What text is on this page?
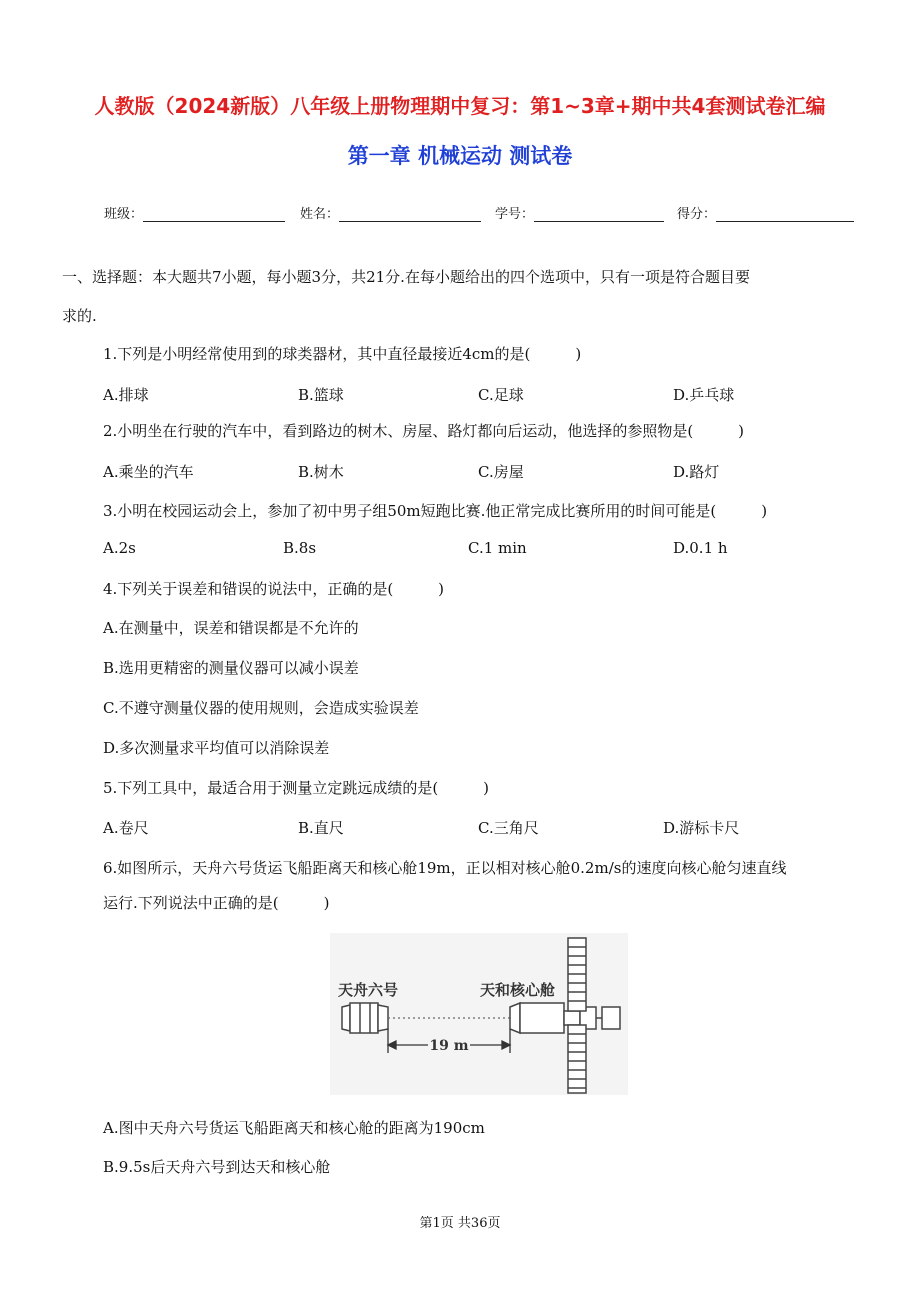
人教版（2024新版）八年级上册物理期中复习：第1~3章+期中共4套测试卷汇编
第一章 机械运动 测试卷
班级：	姓名：	学号：	得分：
一、选择题：本大题共7小题，每小题3分，共21分.在每小题给出的四个选项中，只有一项是符合题目要
求的.
1.下列是小明经常使用到的球类器材，其中直径最接近4cm的是(　　　)
A.排球	B.篮球	C.足球	D.乒乓球
2.小明坐在行驶的汽车中，看到路边的树木、房屋、路灯都向后运动，他选择的参照物是(　　　)
A.乘坐的汽车	B.树木	C.房屋	D.路灯
3.小明在校园运动会上，参加了初中男子组50m短跑比赛.他正常完成比赛所用的时间可能是(　　　)
A.2s	B.8s	C.1 min	D.0.1 h
4.下列关于误差和错误的说法中，正确的是(　　　)
A.在测量中，误差和错误都是不允许的
B.选用更精密的测量仪器可以减小误差
C.不遵守测量仪器的使用规则，会造成实验误差
D.多次测量求平均值可以消除误差
5.下列工具中，最适合用于测量立定跳远成绩的是(　　　)
A.卷尺	B.直尺	C.三角尺	D.游标卡尺
6.如图所示，天舟六号货运飞船距离天和核心舱19m，正以相对核心舱0.2m/s的速度向核心舱匀速直线
运行.下列说法中正确的是(　　　)
天舟六号	天和核心舱
19 m
A.图中天舟六号货运飞船距离天和核心舱的距离为190cm
B.9.5s后天舟六号到达天和核心舱
第1页 共36页
